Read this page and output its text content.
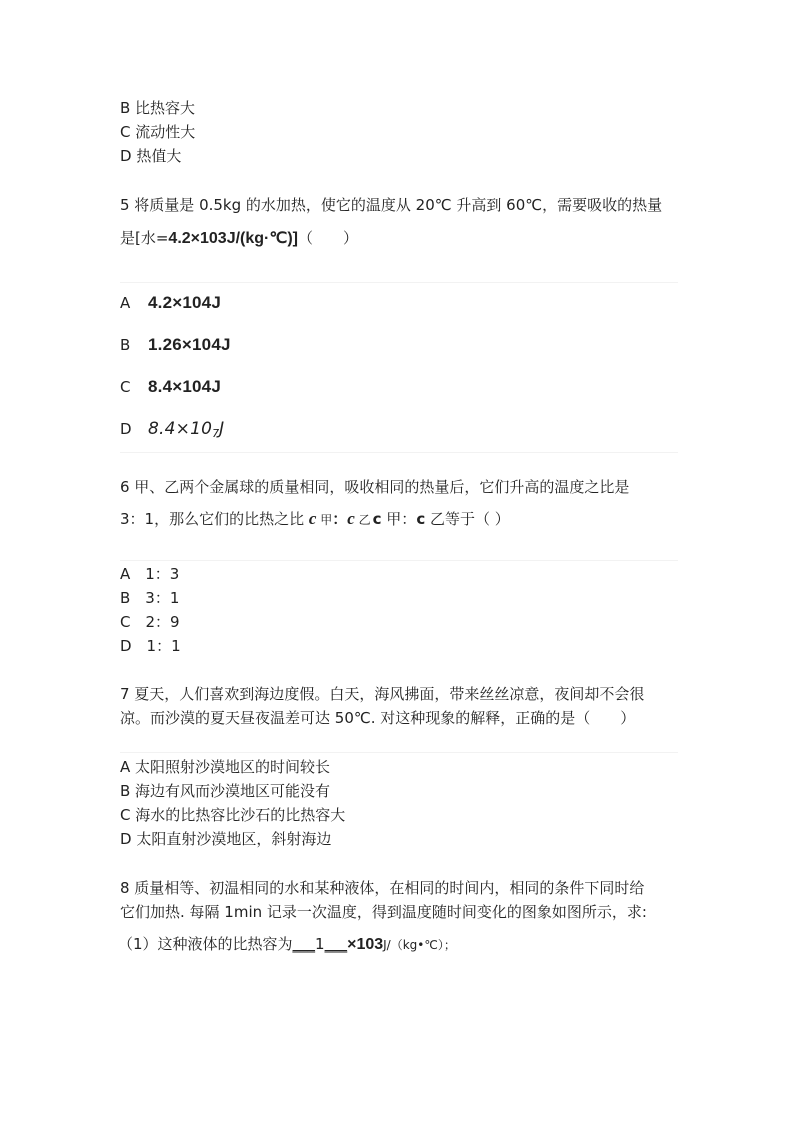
B 比热容大
C 流动性大
D 热值大
5 将质量是 0.5kg 的水加热，使它的温度从 20℃ 升高到 60℃，需要吸收的热量
是[水=4.2×103J/(kg·℃)]（　　）
A 4.2×104J
B 1.26×104J
C 8.4×104J
D $8.4\times 10_7J$
6 甲、乙两个金属球的质量相同，吸收相同的热量后，它们升高的温度之比是
3：1，那么它们的比热之比 c 甲：c 乙 c 甲：c 乙等于（ ）
A　1：3
B　3：1
C　2：9
D　1：1
7 夏天，人们喜欢到海边度假。白天，海风拂面，带来丝丝凉意，夜间却不会很
凉。而沙漠的夏天昼夜温差可达 50℃. 对这种现象的解释，正确的是（　　）
A 太阳照射沙漠地区的时间较长
B 海边有风而沙漠地区可能没有
C 海水的比热容比沙石的比热容大
D 太阳直射沙漠地区，斜射海边
8 质量相等、初温相同的水和某种液体，在相同的时间内，相同的条件下同时给
它们加热. 每隔 1min 记录一次温度，得到温度随时间变化的图象如图所示，求:
（1）这种液体的比热容为___1___×103J/（kg•℃）；
